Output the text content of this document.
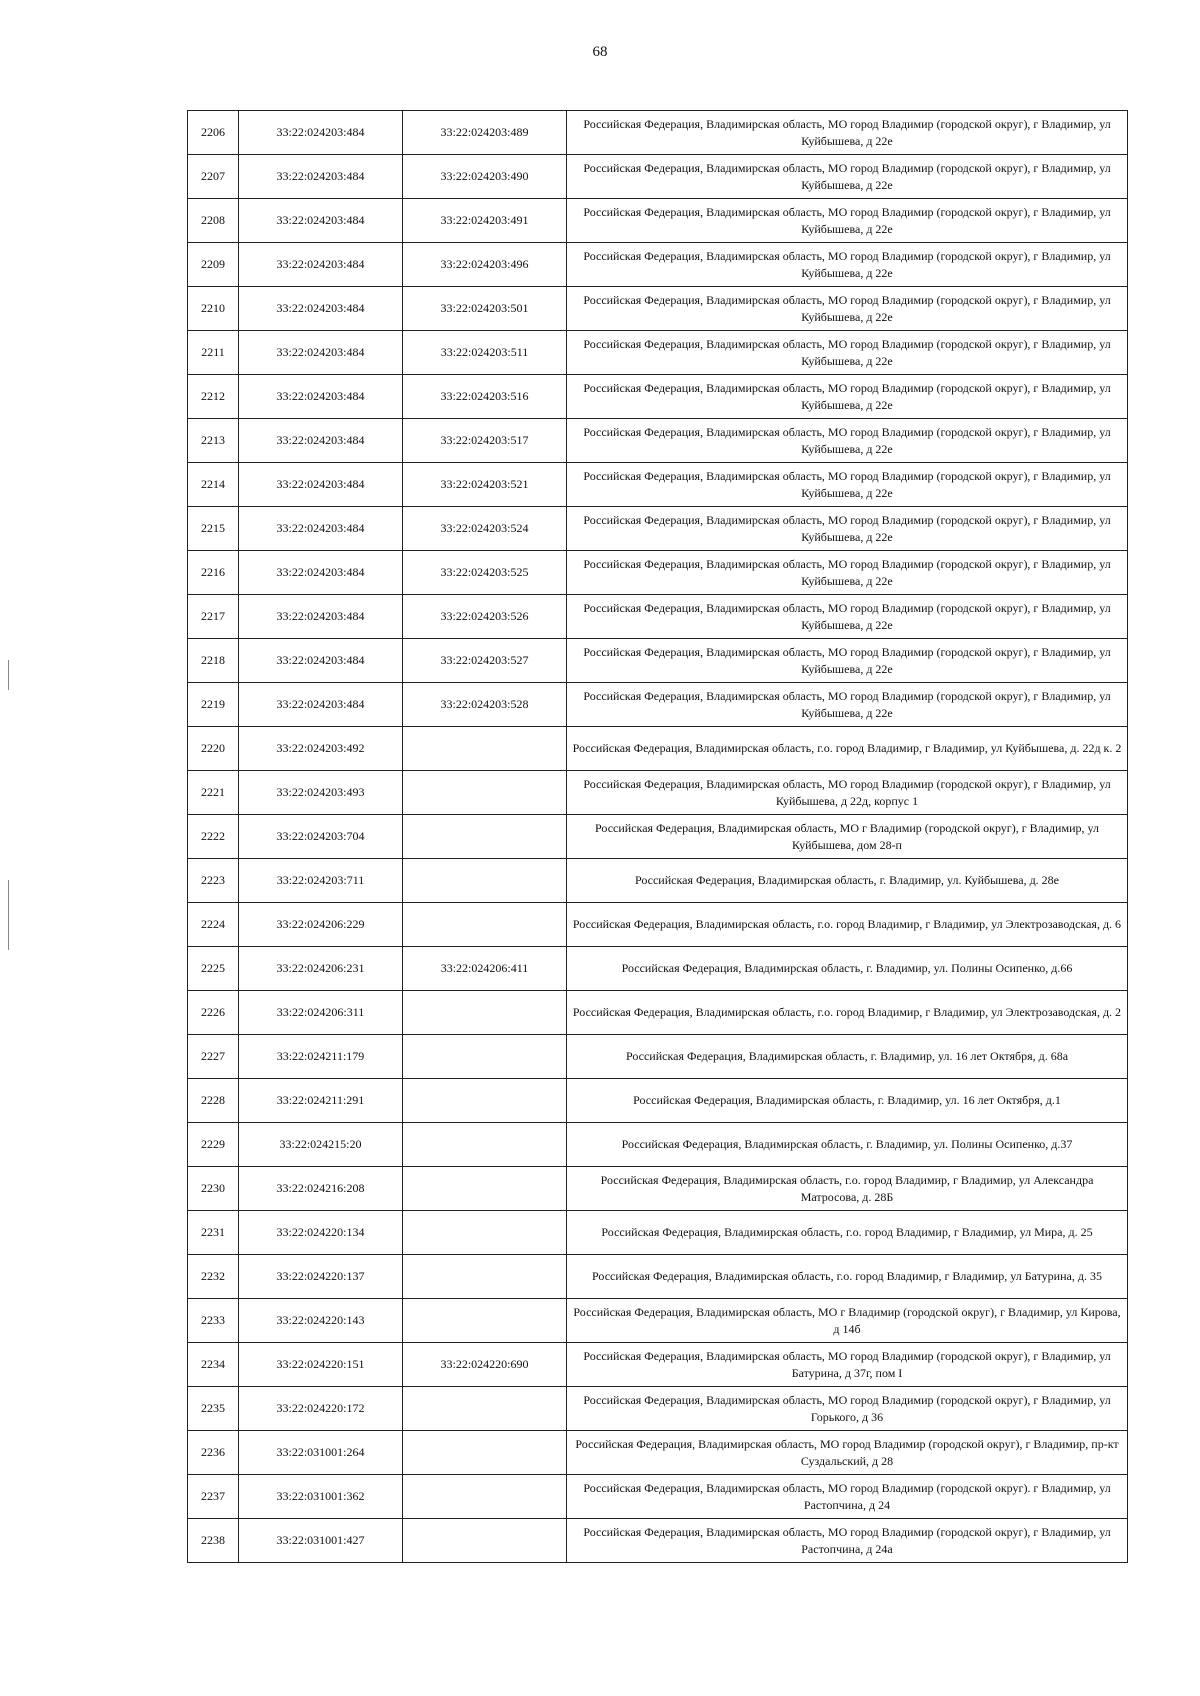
68
2206	33:22:024203:484	33:22:024203:489	Российская Федерация, Владимирская область, МО город Владимир (городской округ), г Владимир, ул Куйбышева, д 22е
2207	33:22:024203:484	33:22:024203:490	Российская Федерация, Владимирская область, МО город Владимир (городской округ), г Владимир, ул Куйбышева, д 22е
2208	33:22:024203:484	33:22:024203:491	Российская Федерация, Владимирская область, МО город Владимир (городской округ), г Владимир, ул Куйбышева, д 22е
2209	33:22:024203:484	33:22:024203:496	Российская Федерация, Владимирская область, МО город Владимир (городской округ), г Владимир, ул Куйбышева, д 22е
2210	33:22:024203:484	33:22:024203:501	Российская Федерация, Владимирская область, МО город Владимир (городской округ), г Владимир, ул Куйбышева, д 22е
2211	33:22:024203:484	33:22:024203:511	Российская Федерация, Владимирская область, МО город Владимир (городской округ), г Владимир, ул Куйбышева, д 22е
2212	33:22:024203:484	33:22:024203:516	Российская Федерация, Владимирская область, МО город Владимир (городской округ), г Владимир, ул Куйбышева, д 22е
2213	33:22:024203:484	33:22:024203:517	Российская Федерация, Владимирская область, МО город Владимир (городской округ), г Владимир, ул Куйбышева, д 22е
2214	33:22:024203:484	33:22:024203:521	Российская Федерация, Владимирская область, МО город Владимир (городской округ), г Владимир, ул Куйбышева, д 22е
2215	33:22:024203:484	33:22:024203:524	Российская Федерация, Владимирская область, МО город Владимир (городской округ), г Владимир, ул Куйбышева, д 22е
2216	33:22:024203:484	33:22:024203:525	Российская Федерация, Владимирская область, МО город Владимир (городской округ), г Владимир, ул Куйбышева, д 22е
2217	33:22:024203:484	33:22:024203:526	Российская Федерация, Владимирская область, МО город Владимир (городской округ), г Владимир, ул Куйбышева, д 22е
2218	33:22:024203:484	33:22:024203:527	Российская Федерация, Владимирская область, МО город Владимир (городской округ), г Владимир, ул Куйбышева, д 22е
2219	33:22:024203:484	33:22:024203:528	Российская Федерация, Владимирская область, МО город Владимир (городской округ), г Владимир, ул Куйбышева, д 22е
2220	33:22:024203:492		Российская Федерация, Владимирская область, г.о. город Владимир, г Владимир, ул Куйбышева, д. 22д к. 2
2221	33:22:024203:493		Российская Федерация, Владимирская область, МО город Владимир (городской округ), г Владимир, ул Куйбышева, д 22д, корпус 1
2222	33:22:024203:704		Российская Федерация, Владимирская область, МО г Владимир (городской округ), г Владимир, ул Куйбышева, дом 28-п
2223	33:22:024203:711		Российская Федерация, Владимирская область, г. Владимир, ул. Куйбышева, д. 28е
2224	33:22:024206:229		Российская Федерация, Владимирская область, г.о. город Владимир, г Владимир, ул Электрозаводская, д. 6
2225	33:22:024206:231	33:22:024206:411	Российская Федерация, Владимирская область, г. Владимир, ул. Полины Осипенко, д.66
2226	33:22:024206:311		Российская Федерация, Владимирская область, г.о. город Владимир, г Владимир, ул Электрозаводская, д. 2
2227	33:22:024211:179		Российская Федерация, Владимирская область, г. Владимир, ул. 16 лет Октября, д. 68а
2228	33:22:024211:291		Российская Федерация, Владимирская область, г. Владимир, ул. 16 лет Октября, д.1
2229	33:22:024215:20		Российская Федерация, Владимирская область, г. Владимир, ул. Полины Осипенко, д.37
2230	33:22:024216:208		Российская Федерация, Владимирская область, г.о. город Владимир, г Владимир, ул Александра Матросова, д. 28Б
2231	33:22:024220:134		Российская Федерация, Владимирская область, г.о. город Владимир, г Владимир, ул Мира, д. 25
2232	33:22:024220:137		Российская Федерация, Владимирская область, г.о. город Владимир, г Владимир, ул Батурина, д. 35
2233	33:22:024220:143		Российская Федерация, Владимирская область, МО г Владимир (городской округ), г Владимир, ул Кирова, д 14б
2234	33:22:024220:151	33:22:024220:690	Российская Федерация, Владимирская область, МО город Владимир (городской округ), г Владимир, ул Батурина, д 37г, пом I
2235	33:22:024220:172		Российская Федерация, Владимирская область, МО город Владимир (городской округ), г Владимир, ул Горького, д 36
2236	33:22:031001:264		Российская Федерация, Владимирская область, МО город Владимир (городской округ), г Владимир, пр-кт Суздальский, д 28
2237	33:22:031001:362		Российская Федерация, Владимирская область, МО город Владимир (городской округ). г Владимир, ул Растопчина, д 24
2238	33:22:031001:427		Российская Федерация, Владимирская область, МО город Владимир (городской округ), г Владимир, ул Растопчина, д 24а
